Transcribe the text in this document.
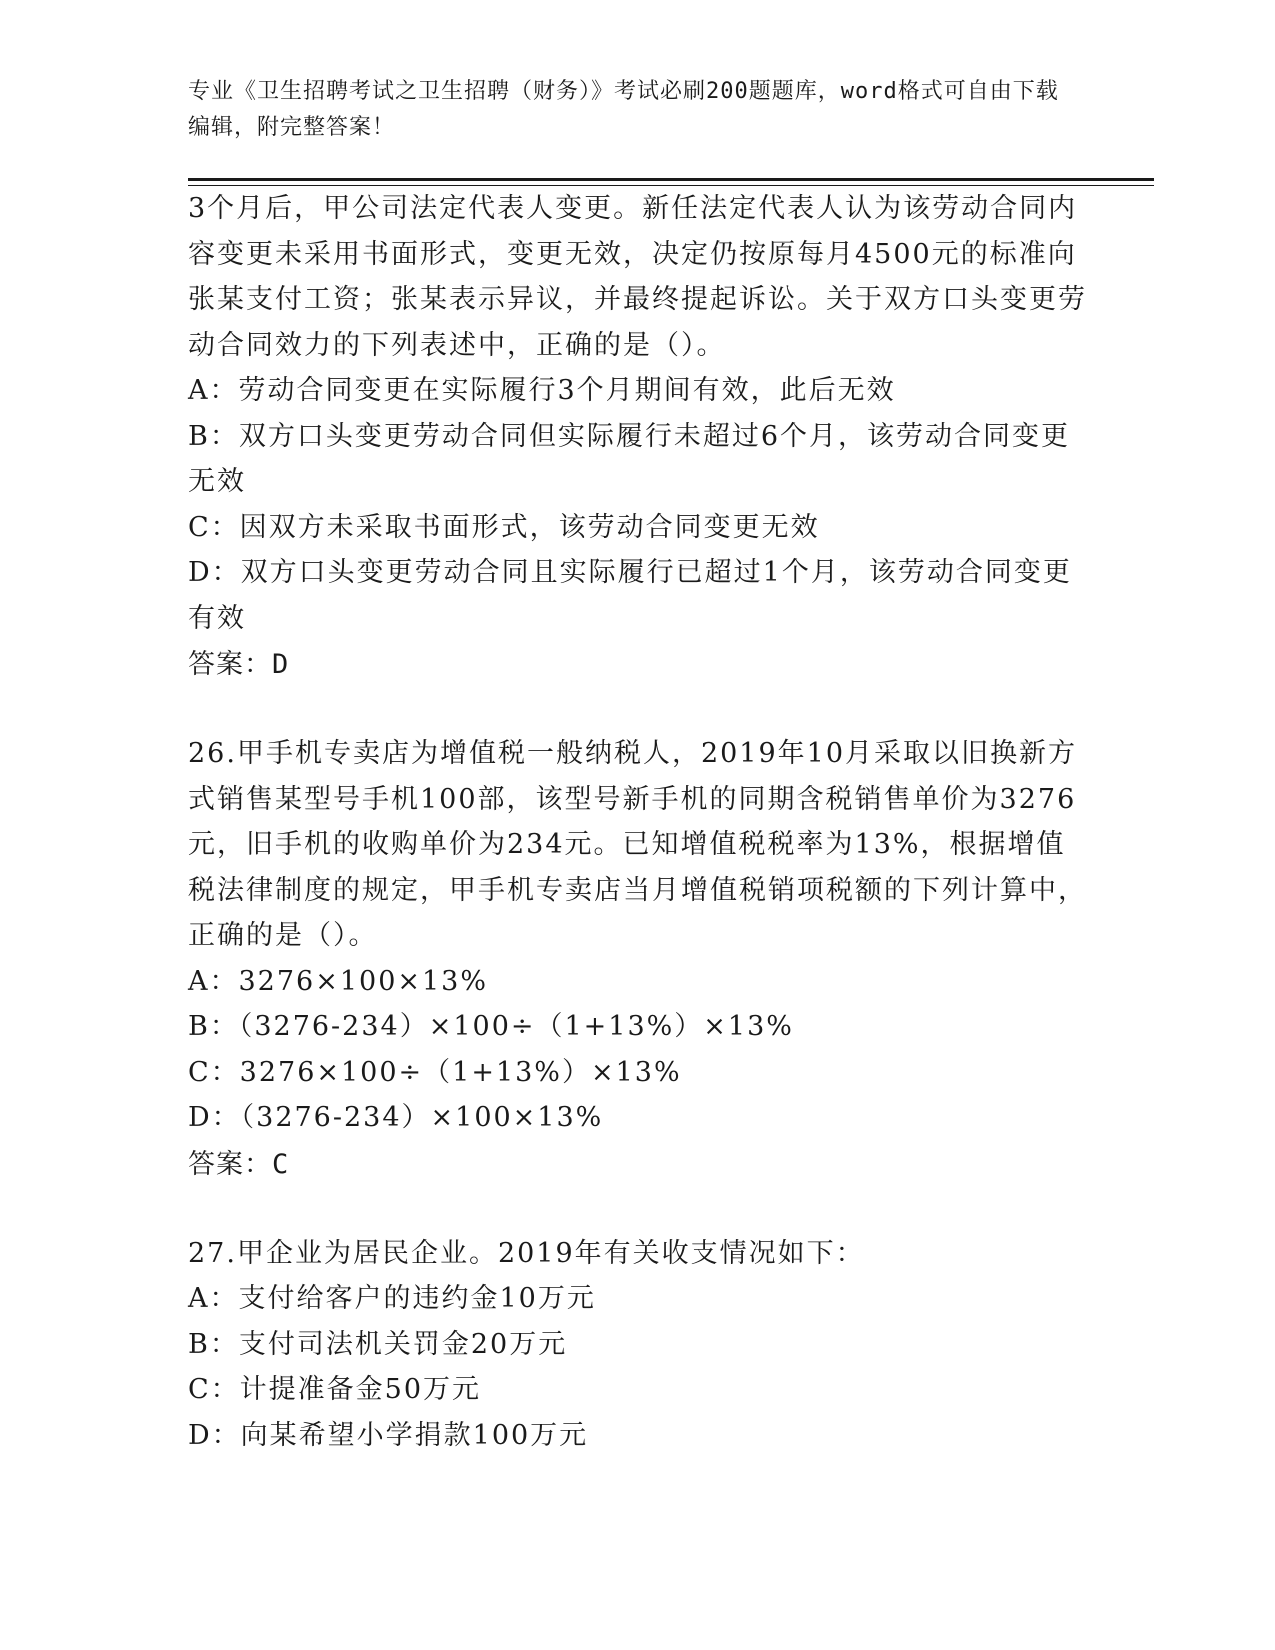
专业《卫生招聘考试之卫生招聘（财务）》考试必刷200题题库，word格式可自由下载编辑，附完整答案！

3个月后，甲公司法定代表人变更。新任法定代表人认为该劳动合同内容变更未采用书面形式，变更无效，决定仍按原每月4500元的标准向张某支付工资；张某表示异议，并最终提起诉讼。关于双方口头变更劳动合同效力的下列表述中，正确的是（）。

A：劳动合同变更在实际履行3个月期间有效，此后无效

B：双方口头变更劳动合同但实际履行未超过6个月，该劳动合同变更无效

C：因双方未采取书面形式，该劳动合同变更无效

D：双方口头变更劳动合同且实际履行已超过1个月，该劳动合同变更有效

答案：D

26.甲手机专卖店为增值税一般纳税人，2019年10月采取以旧换新方式销售某型号手机100部，该型号新手机的同期含税销售单价为3276元，旧手机的收购单价为234元。已知增值税税率为13%，根据增值税法律制度的规定，甲手机专卖店当月增值税销项税额的下列计算中，正确的是（）。

A：3276×100×13%

B：（3276-234）×100÷（1+13%）×13%

C：3276×100÷（1+13%）×13%

D：（3276-234）×100×13%

答案：C

27.甲企业为居民企业。2019年有关收支情况如下：

A：支付给客户的违约金10万元

B：支付司法机关罚金20万元

C：计提准备金50万元

D：向某希望小学捐款100万元
